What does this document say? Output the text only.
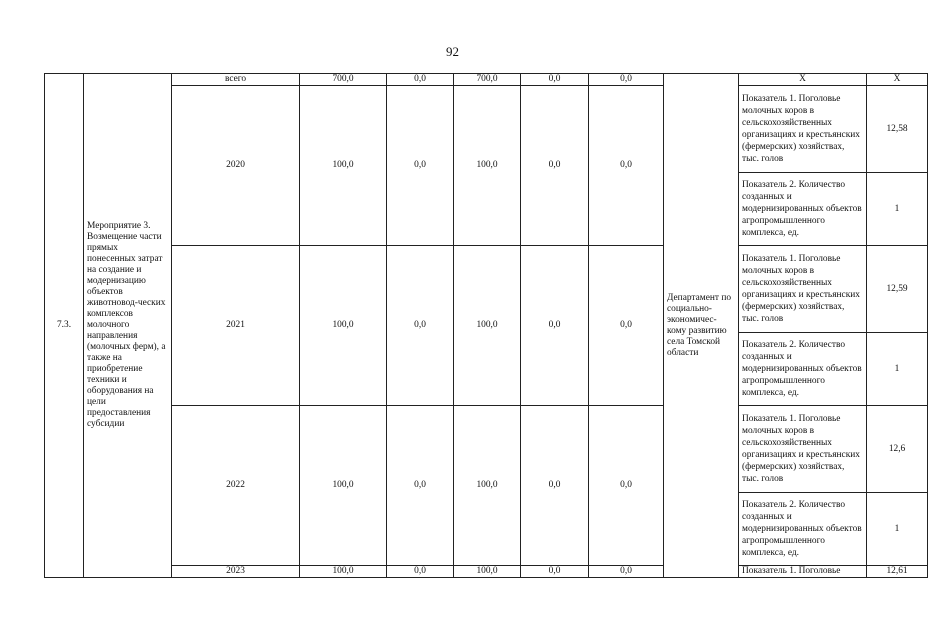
92
7.3.	Мероприятие 3. Возмещение части прямых понесенных затрат на создание и модернизацию объектов животновод-ческих комплексов молочного направления (молочных ферм), а также на приобретение техники и оборудования на цели предоставления субсидии	всего	700,0	0,0	700,0	0,0	0,0	Департамент по социально-экономичес-кому развитию села Томской области	Х	Х
		2020	100,0	0,0	100,0	0,0	0,0		Показатель 1. Поголовье молочных коров в сельскохозяйственных организациях и крестьянских (фермерских) хозяйствах, тыс. голов	12,58
									Показатель 2. Количество созданных и модернизированных объектов агропромышленного комплекса, ед.	1
		2021	100,0	0,0	100,0	0,0	0,0		Показатель 1. Поголовье молочных коров в сельскохозяйственных организациях и крестьянских (фермерских) хозяйствах, тыс. голов	12,59
									Показатель 2. Количество созданных и модернизированных объектов агропромышленного комплекса, ед.	1
		2022	100,0	0,0	100,0	0,0	0,0		Показатель 1. Поголовье молочных коров в сельскохозяйственных организациях и крестьянских (фермерских) хозяйствах, тыс. голов	12,6
									Показатель 2. Количество созданных и модернизированных объектов агропромышленного комплекса, ед.	1
		2023	100,0	0,0	100,0	0,0	0,0		Показатель 1. Поголовье	12,61
